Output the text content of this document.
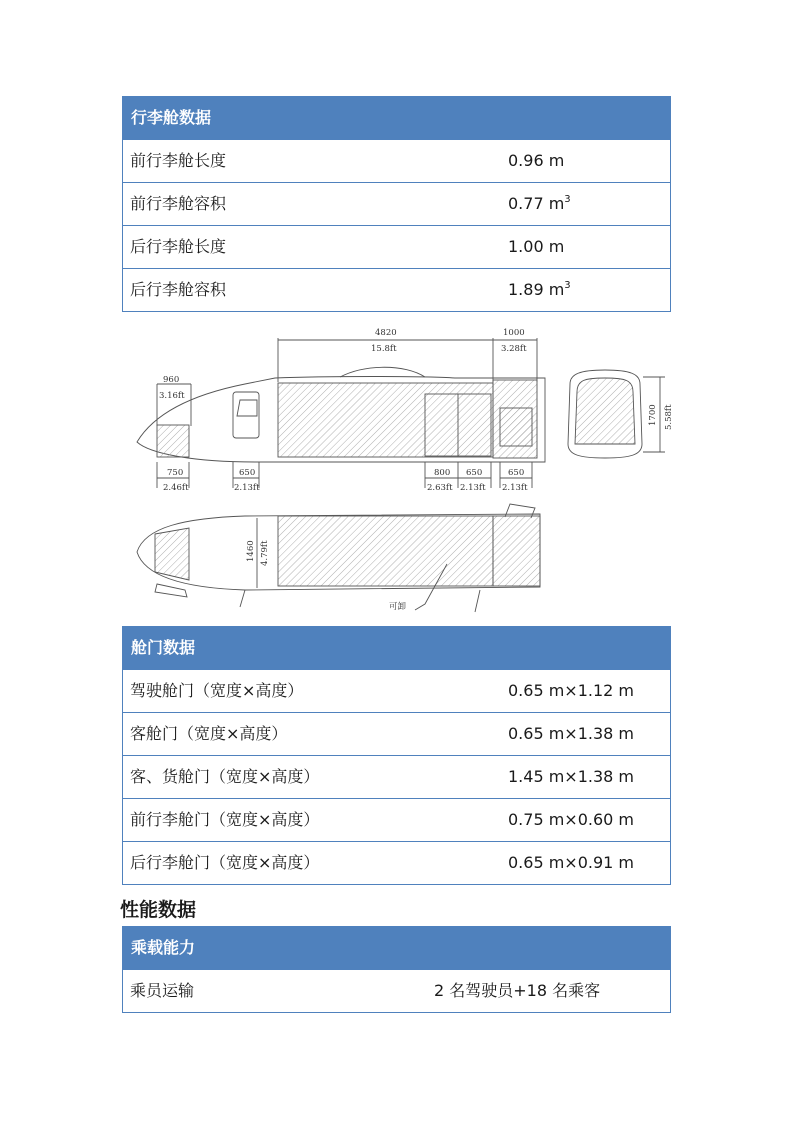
行李舱数据
前行李舱长度	0.96 m
前行李舱容积	0.77 $m^3$
后行李舱长度	1.00 m
后行李舱容积	1.89 $m^3$
4820
15.8ft
1000
3.28ft
960
3.16ft
750
2.46ft
650
2.13ft
800
2.63ft
650
2.13ft
650
2.13ft
1700 5.58ft
1460 4.79ft
可卸
舱门数据
驾驶舱门（宽度×高度）	0.65 m×1.12 m
客舱门（宽度×高度）	0.65 m×1.38 m
客、货舱门（宽度×高度）	1.45 m×1.38 m
前行李舱门（宽度×高度）	0.75 m×0.60 m
后行李舱门（宽度×高度）	0.65 m×0.91 m
性能数据
乘载能力
乘员运输	2 名驾驶员+18 名乘客
